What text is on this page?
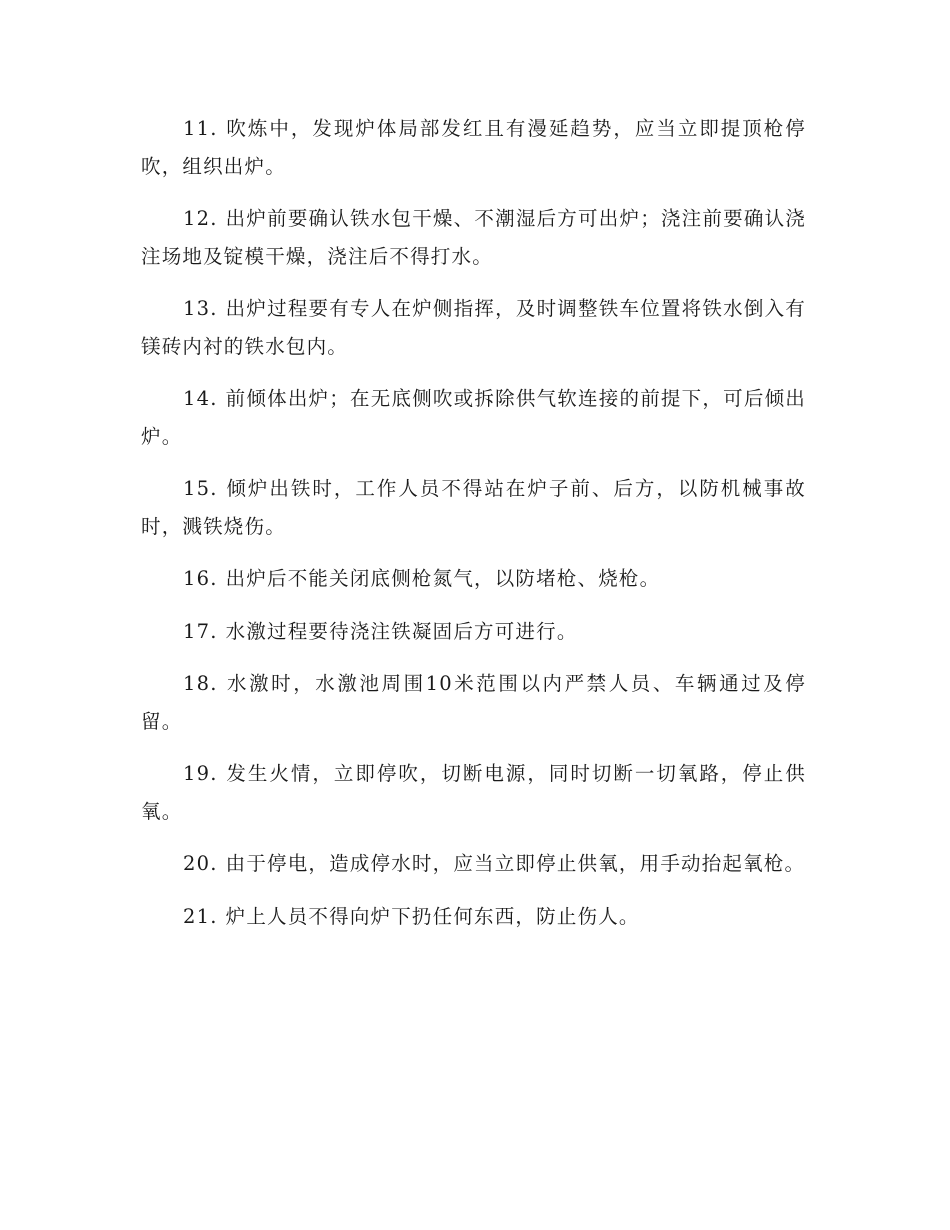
11. 吹炼中，发现炉体局部发红且有漫延趋势，应当立即提顶枪停吹，组织出炉。

12. 出炉前要确认铁水包干燥、不潮湿后方可出炉；浇注前要确认浇注场地及锭模干燥，浇注后不得打水。

13. 出炉过程要有专人在炉侧指挥，及时调整铁车位置将铁水倒入有镁砖内衬的铁水包内。

14. 前倾体出炉；在无底侧吹或拆除供气软连接的前提下，可后倾出炉。

15. 倾炉出铁时，工作人员不得站在炉子前、后方，以防机械事故时，溅铁烧伤。

16. 出炉后不能关闭底侧枪氮气，以防堵枪、烧枪。

17. 水激过程要待浇注铁凝固后方可进行。

18. 水激时，水激池周围10米范围以内严禁人员、车辆通过及停留。

19. 发生火情，立即停吹，切断电源，同时切断一切氧路，停止供氧。

20. 由于停电，造成停水时，应当立即停止供氧，用手动抬起氧枪。

21. 炉上人员不得向炉下扔任何东西，防止伤人。
